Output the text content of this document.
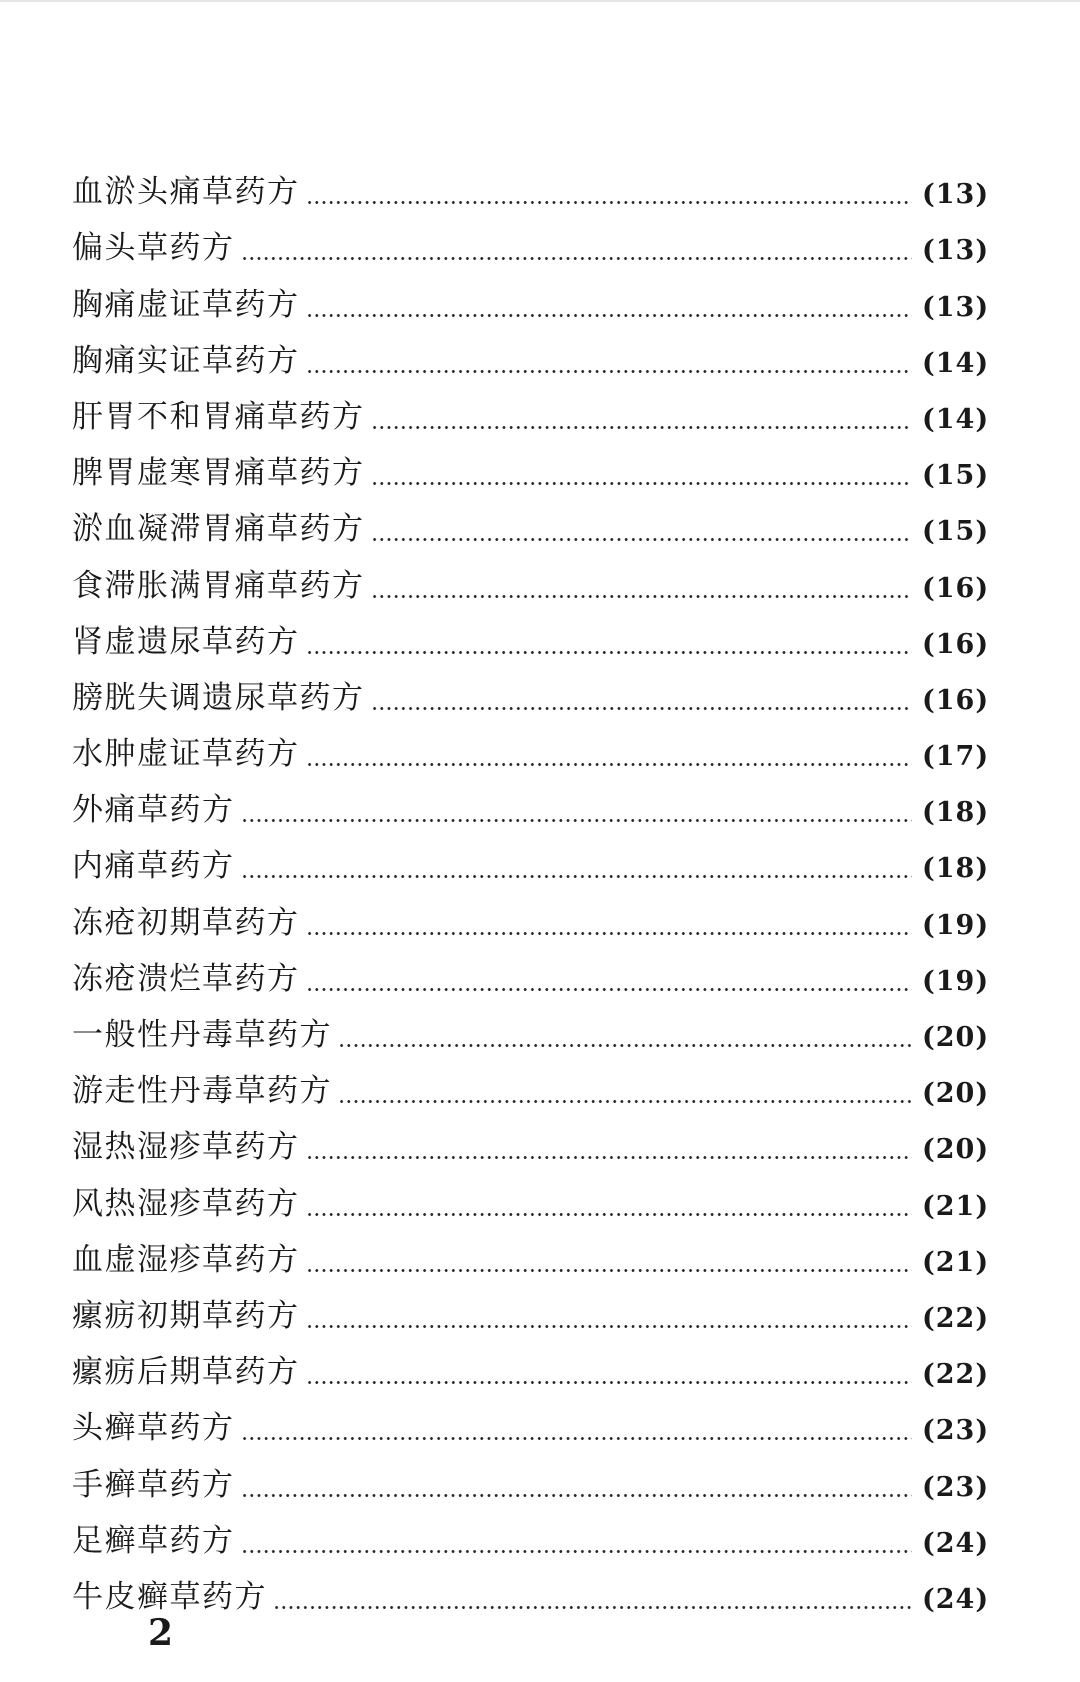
血淤头痛草药方	(13)
偏头草药方	(13)
胸痛虚证草药方	(13)
胸痛实证草药方	(14)
肝胃不和胃痛草药方	(14)
脾胃虚寒胃痛草药方	(15)
淤血凝滞胃痛草药方	(15)
食滞胀满胃痛草药方	(16)
肾虚遗尿草药方	(16)
膀胱失调遗尿草药方	(16)
水肿虚证草药方	(17)
外痛草药方	(18)
内痛草药方	(18)
冻疮初期草药方	(19)
冻疮溃烂草药方	(19)
一般性丹毒草药方	(20)
游走性丹毒草药方	(20)
湿热湿疹草药方	(20)
风热湿疹草药方	(21)
血虚湿疹草药方	(21)
瘰疬初期草药方	(22)
瘰疬后期草药方	(22)
头癣草药方	(23)
手癣草药方	(23)
足癣草药方	(24)
牛皮癣草药方	(24)
2
